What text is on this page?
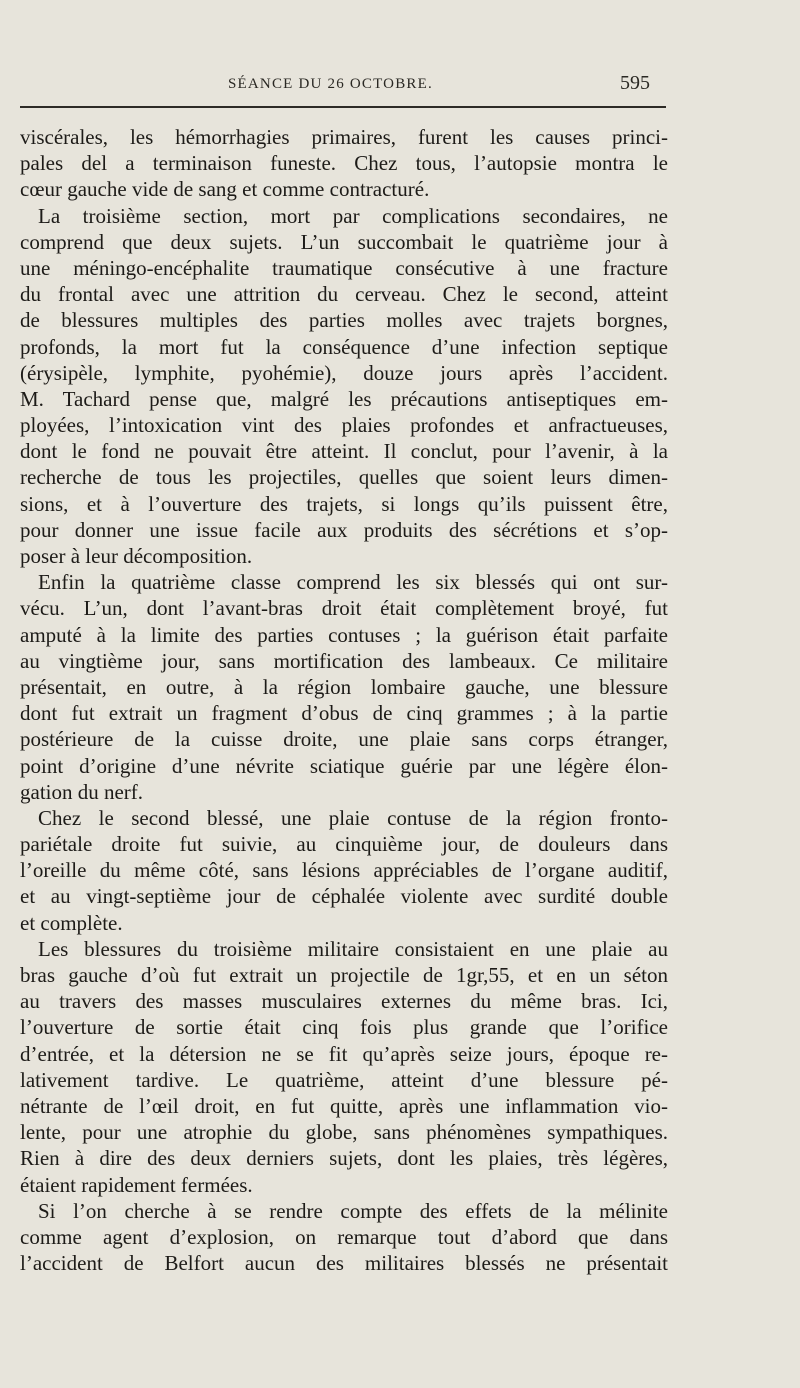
SÉANCE DU 26 OCTOBRE.	595
viscérales, les hémorrhagies primaires, furent les causes princi-
pales del a terminaison funeste. Chez tous, l’autopsie montra le
cœur gauche vide de sang et comme contracturé.
La troisième section, mort par complications secondaires, ne
comprend que deux sujets. L’un succombait le quatrième jour à
une méningo-encéphalite traumatique consécutive à une fracture
du frontal avec une attrition du cerveau. Chez le second, atteint
de blessures multiples des parties molles avec trajets borgnes,
profonds, la mort fut la conséquence d’une infection septique
(érysipèle, lymphite, pyohémie), douze jours après l’accident.
M. Tachard pense que, malgré les précautions antiseptiques em-
ployées, l’intoxication vint des plaies profondes et anfractueuses,
dont le fond ne pouvait être atteint. Il conclut, pour l’avenir, à la
recherche de tous les projectiles, quelles que soient leurs dimen-
sions, et à l’ouverture des trajets, si longs qu’ils puissent être,
pour donner une issue facile aux produits des sécrétions et s’op-
poser à leur décomposition.
Enfin la quatrième classe comprend les six blessés qui ont sur-
vécu. L’un, dont l’avant-bras droit était complètement broyé, fut
amputé à la limite des parties contuses ; la guérison était parfaite
au vingtième jour, sans mortification des lambeaux. Ce militaire
présentait, en outre, à la région lombaire gauche, une blessure
dont fut extrait un fragment d’obus de cinq grammes ; à la partie
postérieure de la cuisse droite, une plaie sans corps étranger,
point d’origine d’une névrite sciatique guérie par une légère élon-
gation du nerf.
Chez le second blessé, une plaie contuse de la région fronto-
pariétale droite fut suivie, au cinquième jour, de douleurs dans
l’oreille du même côté, sans lésions appréciables de l’organe auditif,
et au vingt-septième jour de céphalée violente avec surdité double
et complète.
Les blessures du troisième militaire consistaient en une plaie au
bras gauche d’où fut extrait un projectile de 1gr,55, et en un séton
au travers des masses musculaires externes du même bras. Ici,
l’ouverture de sortie était cinq fois plus grande que l’orifice
d’entrée, et la détersion ne se fit qu’après seize jours, époque re-
lativement tardive. Le quatrième, atteint d’une blessure pé-
nétrante de l’œil droit, en fut quitte, après une inflammation vio-
lente, pour une atrophie du globe, sans phénomènes sympathiques.
Rien à dire des deux derniers sujets, dont les plaies, très légères,
étaient rapidement fermées.
Si l’on cherche à se rendre compte des effets de la mélinite
comme agent d’explosion, on remarque tout d’abord que dans
l’accident de Belfort aucun des militaires blessés ne présentait
